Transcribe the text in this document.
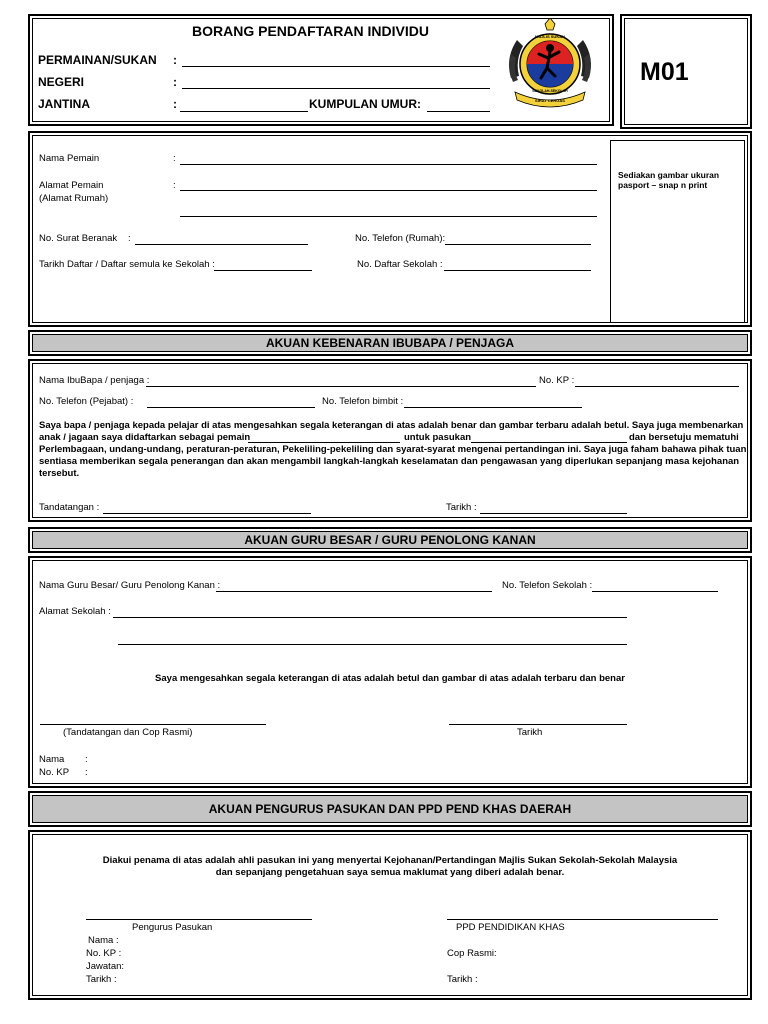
BORANG PENDAFTARAN INDIVIDU
PERMAINAN/SUKAN :
NEGERI	:
JANTINA	:	KUMPULAN UMUR:	SIHAT CERGAS
MAJLIS SUKAN
SEKOLAH-SEKOLAH
M01
Nama Pemain	:
Alamat Pemain
(Alamat Rumah)
:
No. Surat Beranak :	No. Telefon (Rumah):
Tarikh Daftar / Daftar semula ke Sekolah :	No. Daftar Sekolah :
Sediakan gambar ukuran pasport – snap n print
AKUAN KEBENARAN IBUBAPA / PENJAGA
Nama IbuBapa / penjaga :	No. KP :
No. Telefon (Pejabat) :	No. Telefon bimbit :
Saya bapa / penjaga kepada pelajar di atas mengesahkan segala keterangan di atas adalah benar dan gambar terbaru adalah betul. Saya juga membenarkan
anak / jagaan saya didaftarkan sebagai pemain	untuk pasukan	dan bersetuju mematuhi
Perlembagaan, undang-undang, peraturan-peraturan, Pekeliling-pekeliling dan syarat-syarat mengenai pertandingan ini. Saya juga faham bahawa pihak tuan
sentiasa memberikan segala penerangan dan akan mengambil langkah-langkah keselamatan dan pengawasan yang diperlukan sepanjang masa kejohanan
tersebut.
Tandatangan :	Tarikh :
AKUAN GURU BESAR / GURU PENOLONG KANAN
Nama Guru Besar/ Guru Penolong Kanan :	No. Telefon Sekolah :
Alamat Sekolah :
Saya mengesahkan segala keterangan di atas adalah betul dan gambar di atas adalah terbaru dan benar
(Tandatangan dan Cop Rasmi)	Tarikh
Nama :
No. KP :
AKUAN PENGURUS PASUKAN DAN PPD PEND KHAS DAERAH
Diakui penama di atas adalah ahli pasukan ini yang menyertai Kejohanan/Pertandingan Majlis Sukan Sekolah-Sekolah Malaysia
dan sepanjang pengetahuan saya semua maklumat yang diberi adalah benar.
Pengurus Pasukan	PPD PENDIDIKAN KHAS
Nama :
No. KP :
Jawatan:
Tarikh :
Cop Rasmi:
Tarikh :
